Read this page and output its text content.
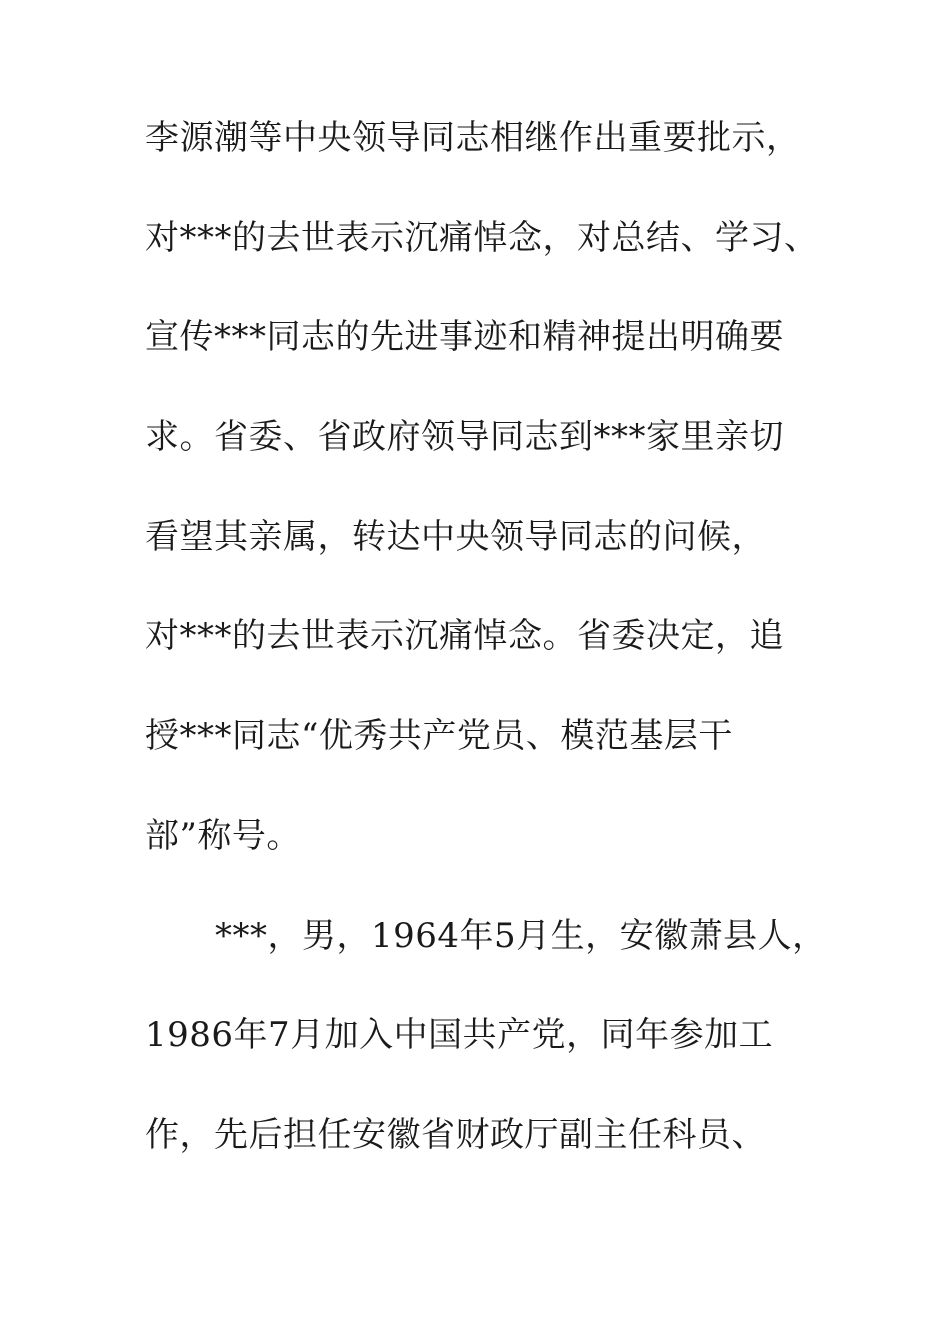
李源潮等中央领导同志相继作出重要批示，
对***的去世表示沉痛悼念，对总结、学习、
宣传***同志的先进事迹和精神提出明确要
求。省委、省政府领导同志到***家里亲切
看望其亲属，转达中央领导同志的问候，
对***的去世表示沉痛悼念。省委决定，追
授***同志“优秀共产党员、模范基层干
部”称号。
***，男，1964年5月生，安徽萧县人，
1986年7月加入中国共产党，同年参加工
作，先后担任安徽省财政厅副主任科员、
